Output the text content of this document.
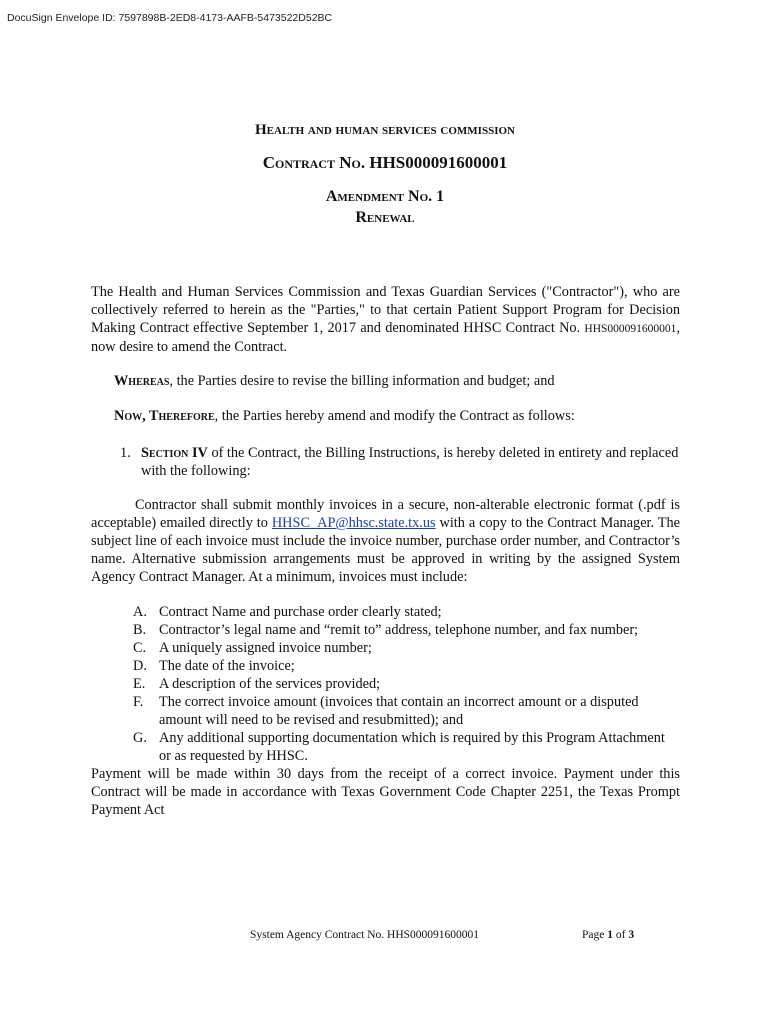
DocuSign Envelope ID: 7597898B-2ED8-4173-AAFB-5473522D52BC
Health and human services commission
Contract No. HHS000091600001
Amendment No. 1
Renewal
The Health and Human Services Commission and Texas Guardian Services ("Contractor"), who are collectively referred to herein as the "Parties," to that certain Patient Support Program for Decision Making Contract effective September 1, 2017 and denominated HHSC Contract No. HHS000091600001, now desire to amend the Contract.
Whereas, the Parties desire to revise the billing information and budget; and
Now, Therefore, the Parties hereby amend and modify the Contract as follows:
1. Section IV of the Contract, the Billing Instructions, is hereby deleted in entirety and replaced with the following:
Contractor shall submit monthly invoices in a secure, non-alterable electronic format (.pdf is acceptable) emailed directly to HHSC_AP@hhsc.state.tx.us with a copy to the Contract Manager. The subject line of each invoice must include the invoice number, purchase order number, and Contractor’s name. Alternative submission arrangements must be approved in writing by the assigned System Agency Contract Manager. At a minimum, invoices must include:
A. Contract Name and purchase order clearly stated;
B. Contractor’s legal name and “remit to” address, telephone number, and fax number;
C. A uniquely assigned invoice number;
D. The date of the invoice;
E. A description of the services provided;
F. The correct invoice amount (invoices that contain an incorrect amount or a disputed amount will need to be revised and resubmitted); and
G. Any additional supporting documentation which is required by this Program Attachment or as requested by HHSC.
Payment will be made within 30 days from the receipt of a correct invoice. Payment under this Contract will be made in accordance with Texas Government Code Chapter 2251, the Texas Prompt Payment Act
System Agency Contract No. HHS000091600001	Page 1 of 3
